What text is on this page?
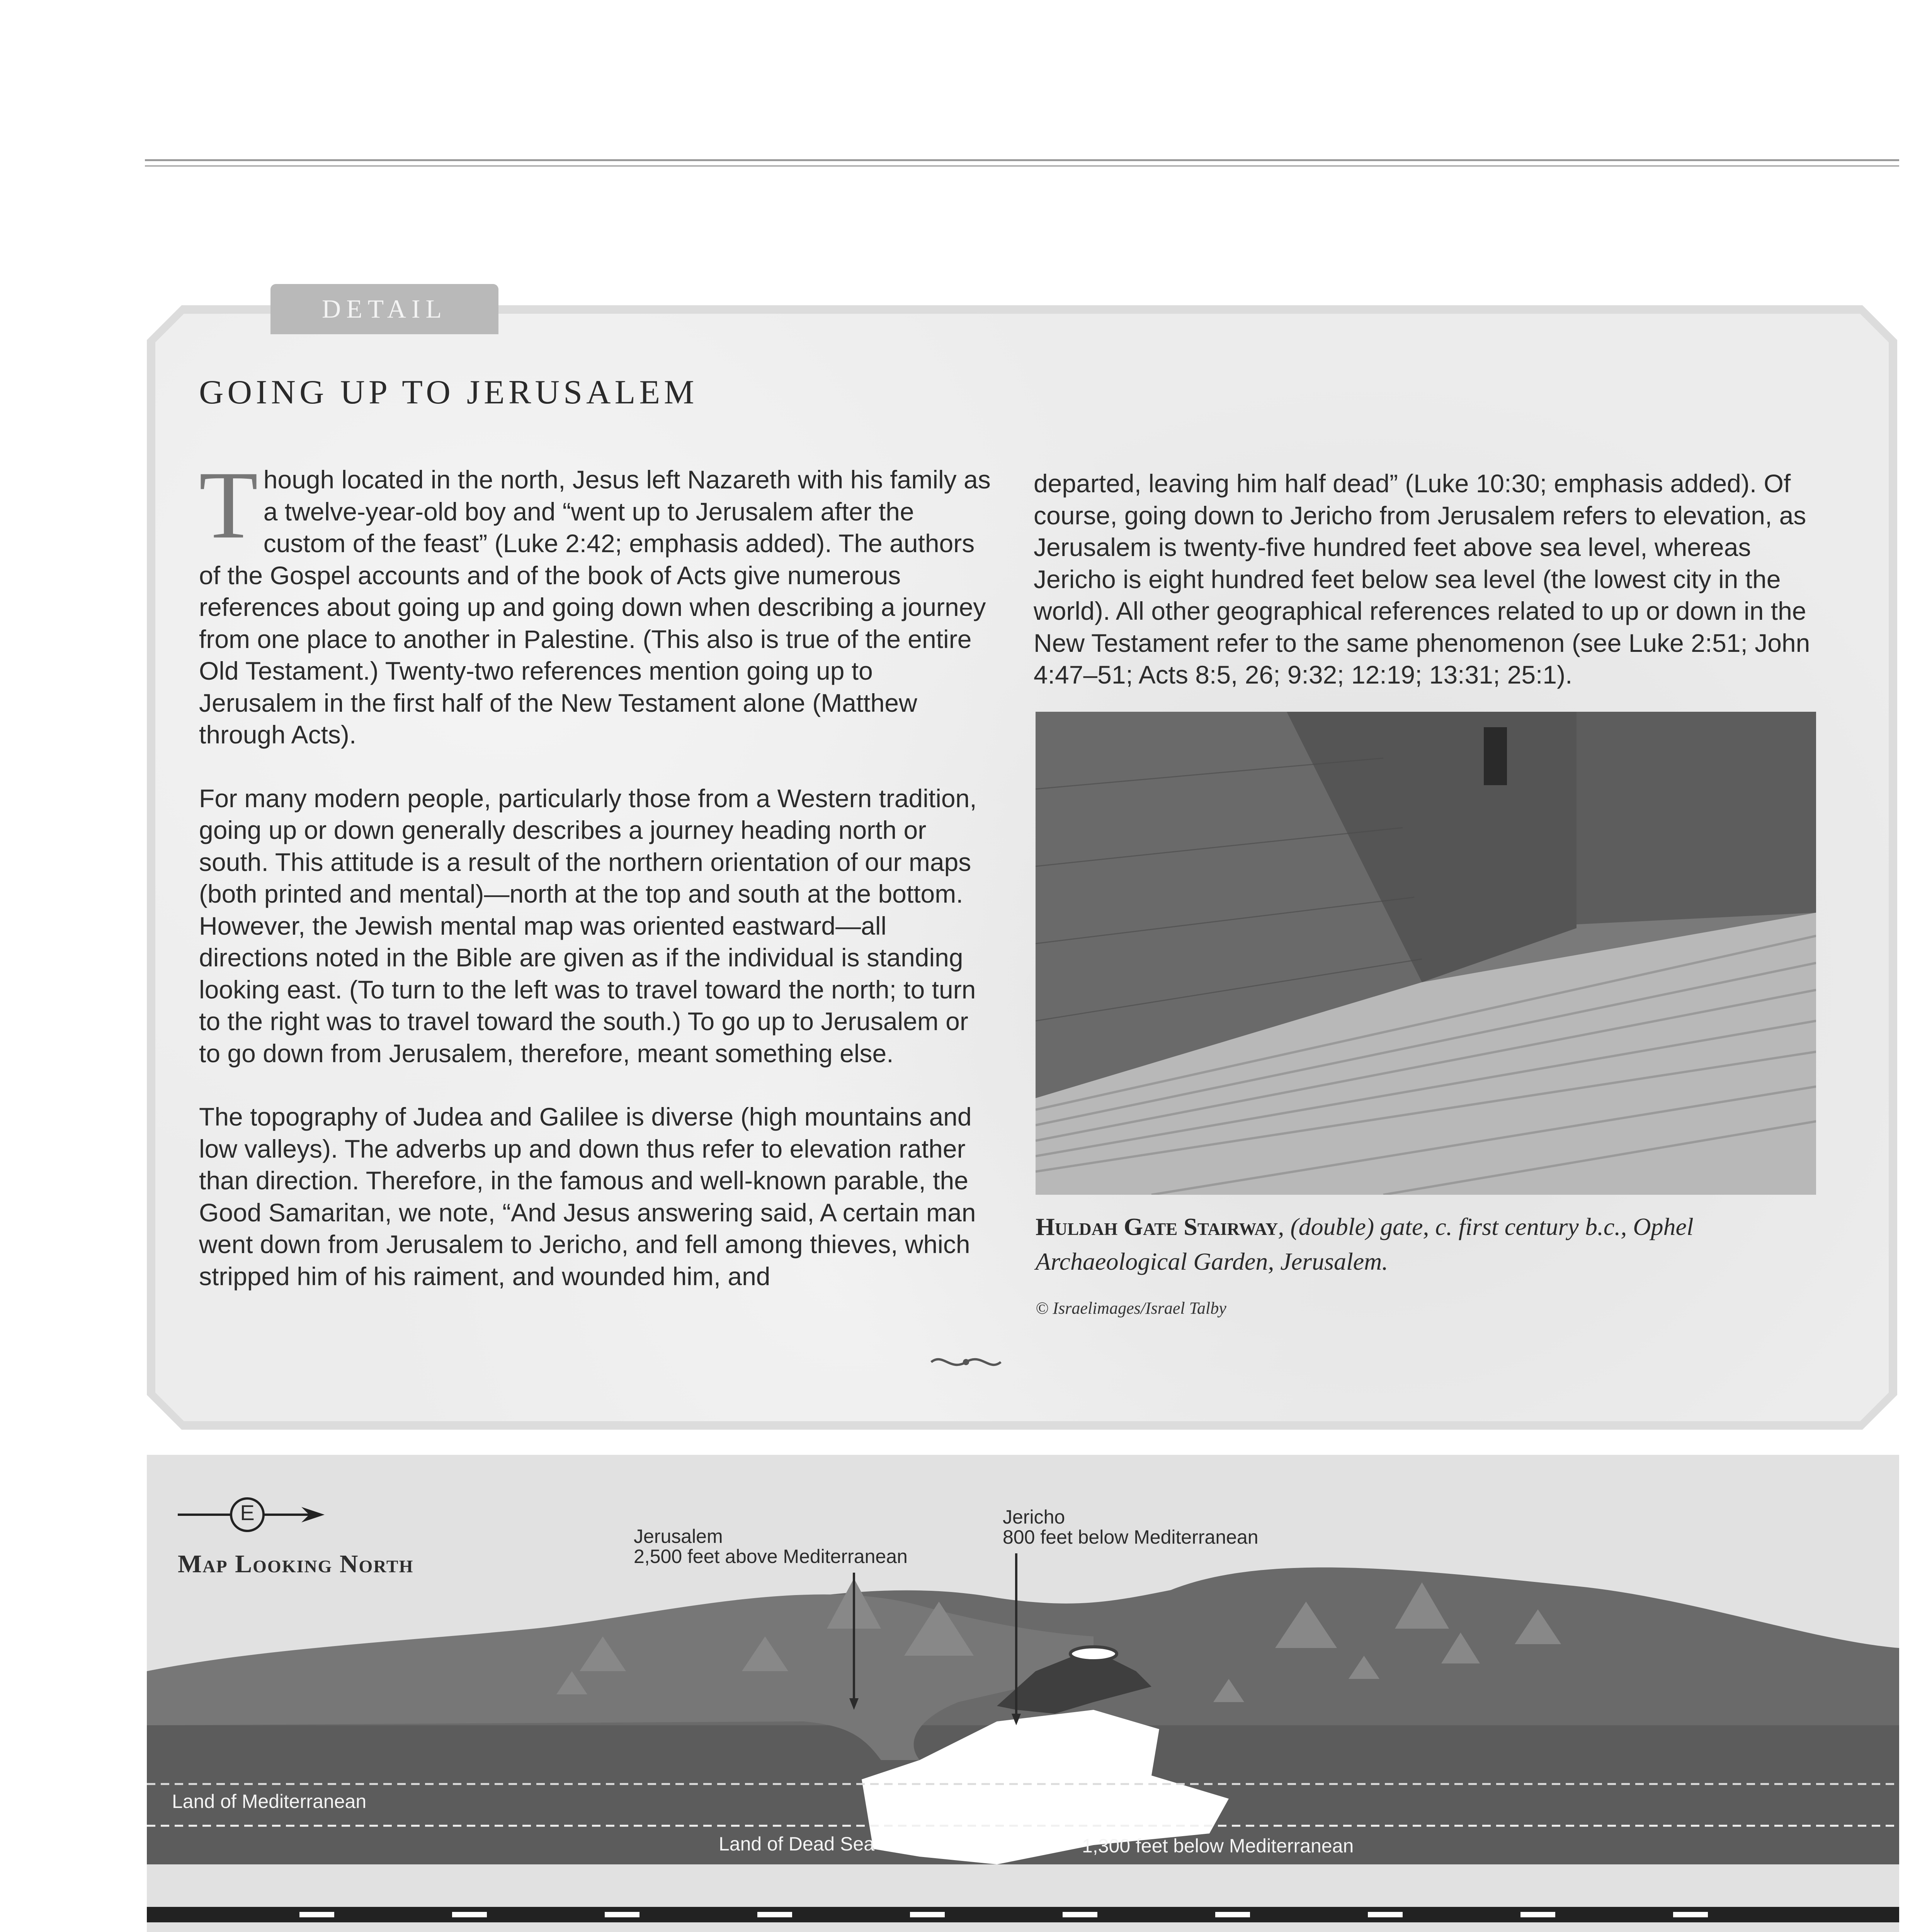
DETAIL
GOING UP TO JERUSALEM

Though located in the north, Jesus left Nazareth with his family as a twelve-year-old boy and “went up to Jerusalem after the custom of the feast” (Luke 2:42; emphasis added). The authors of the Gospel accounts and of the book of Acts give numerous references about going up and going down when describing a journey from one place to another in Palestine. (This also is true of the entire Old Testament.) Twenty-two references mention going up to Jerusalem in the first half of the New Testament alone (Matthew through Acts).

For many modern people, particularly those from a Western tradition, going up or down generally describes a journey heading north or south. This attitude is a result of the northern orientation of our maps (both printed and mental)—north at the top and south at the bottom. However, the Jewish mental map was oriented eastward—all directions noted in the Bible are given as if the individual is standing looking east. (To turn to the left was to travel toward the north; to turn to the right was to travel toward the south.) To go up to Jerusalem or to go down from Jerusalem, therefore, meant something else.

The topography of Judea and Galilee is diverse (high mountains and low valleys). The adverbs up and down thus refer to elevation rather than direction. Therefore, in the famous and well-known parable, the Good Samaritan, we note, “And Jesus answering said, A certain man went down from Jerusalem to Jericho, and fell among thieves, which stripped him of his raiment, and wounded him, and

departed, leaving him half dead” (Luke 10:30; emphasis added). Of course, going down to Jericho from Jerusalem refers to elevation, as Jerusalem is twenty-five hundred feet above sea level, whereas Jericho is eight hundred feet below sea level (the lowest city in the world). All other geographical references related to up or down in the New Testament refer to the same phenomenon (see Luke 2:51; John 4:47–51; Acts 8:5, 26; 9:32; 12:19; 13:31; 25:1).

Huldah Gate Stairway, (double) gate, c. first century b.c., Ophel Archaeological Garden, Jerusalem.
© Israelimages/Israel Talby
E
Map Looking North
Jerusalem
2,500 feet above Mediterranean
Jericho
800 feet below Mediterranean
Land of Mediterranean
Land of Dead Sea	1,300 feet below Mediterranean
